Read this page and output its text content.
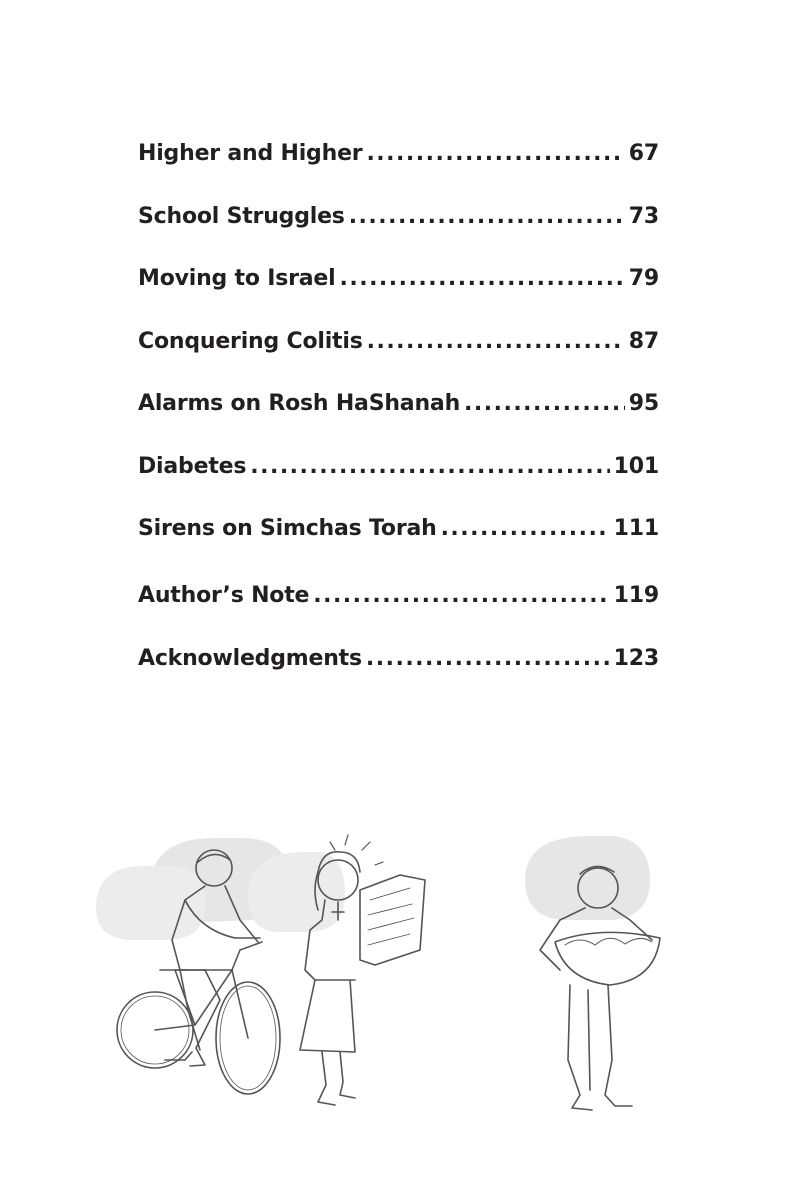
Higher and Higher .....	67
School Struggles .....	73
Moving to Israel .....	79
Conquering Colitis .....	87
Alarms on Rosh HaShanah .....	95
Diabetes .....	101
Sirens on Simchas Torah .....	111
Author’s Note .....	119
Acknowledgments .....	123
